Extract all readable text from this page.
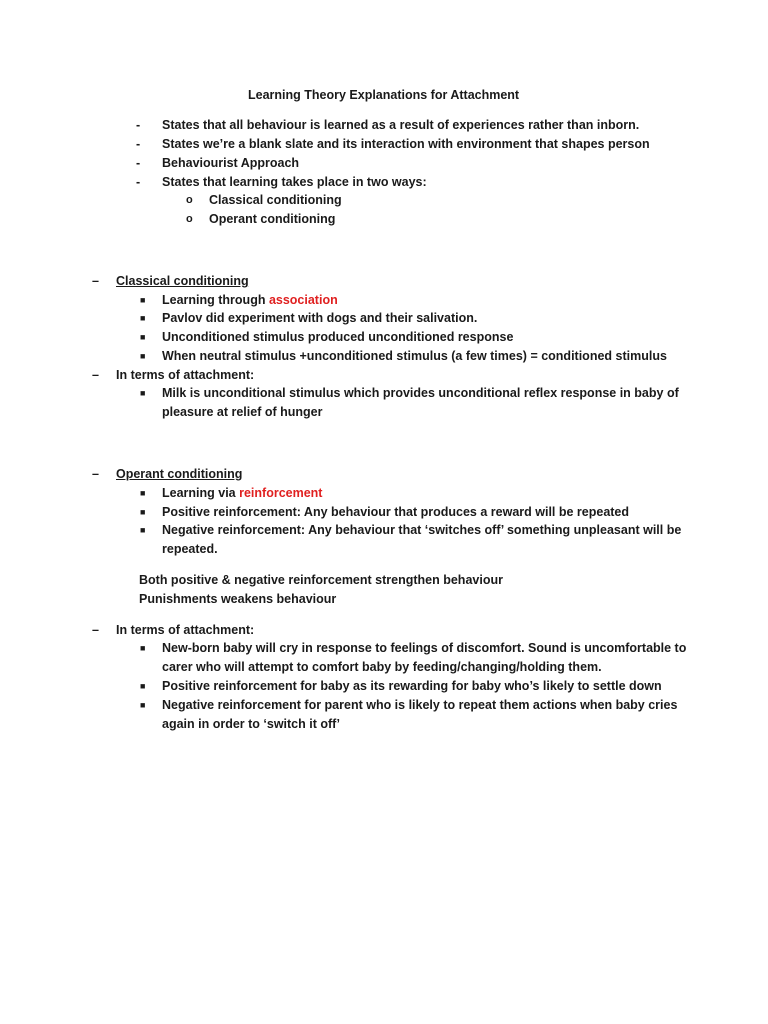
Learning Theory Explanations for Attachment
-	States that all behaviour is learned as a result of experiences rather than inborn.
-	States we’re a blank slate and its interaction with environment that shapes person
-	Behaviourist Approach
-	States that learning takes place in two ways:
o	Classical conditioning
o	Operant conditioning
–	Classical conditioning
■	Learning through association
■	Pavlov did experiment with dogs and their salivation.
■	Unconditioned stimulus produced unconditioned response
■	When neutral stimulus +unconditioned stimulus (a few times) = conditioned stimulus
–	In terms of attachment:
■	Milk is unconditional stimulus which provides unconditional reflex response in baby of
pleasure at relief of hunger
–	Operant conditioning
■	Learning via reinforcement
■	Positive reinforcement: Any behaviour that produces a reward will be repeated
■	Negative reinforcement: Any behaviour that ‘switches off’ something unpleasant will be
repeated.
Both positive & negative reinforcement strengthen behaviour
Punishments weakens behaviour
–	In terms of attachment:
■	New-born baby will cry in response to feelings of discomfort. Sound is uncomfortable to
carer who will attempt to comfort baby by feeding/changing/holding them.
■	Positive reinforcement for baby as its rewarding for baby who’s likely to settle down
■	Negative reinforcement for parent who is likely to repeat them actions when baby cries
again in order to ‘switch it off’
